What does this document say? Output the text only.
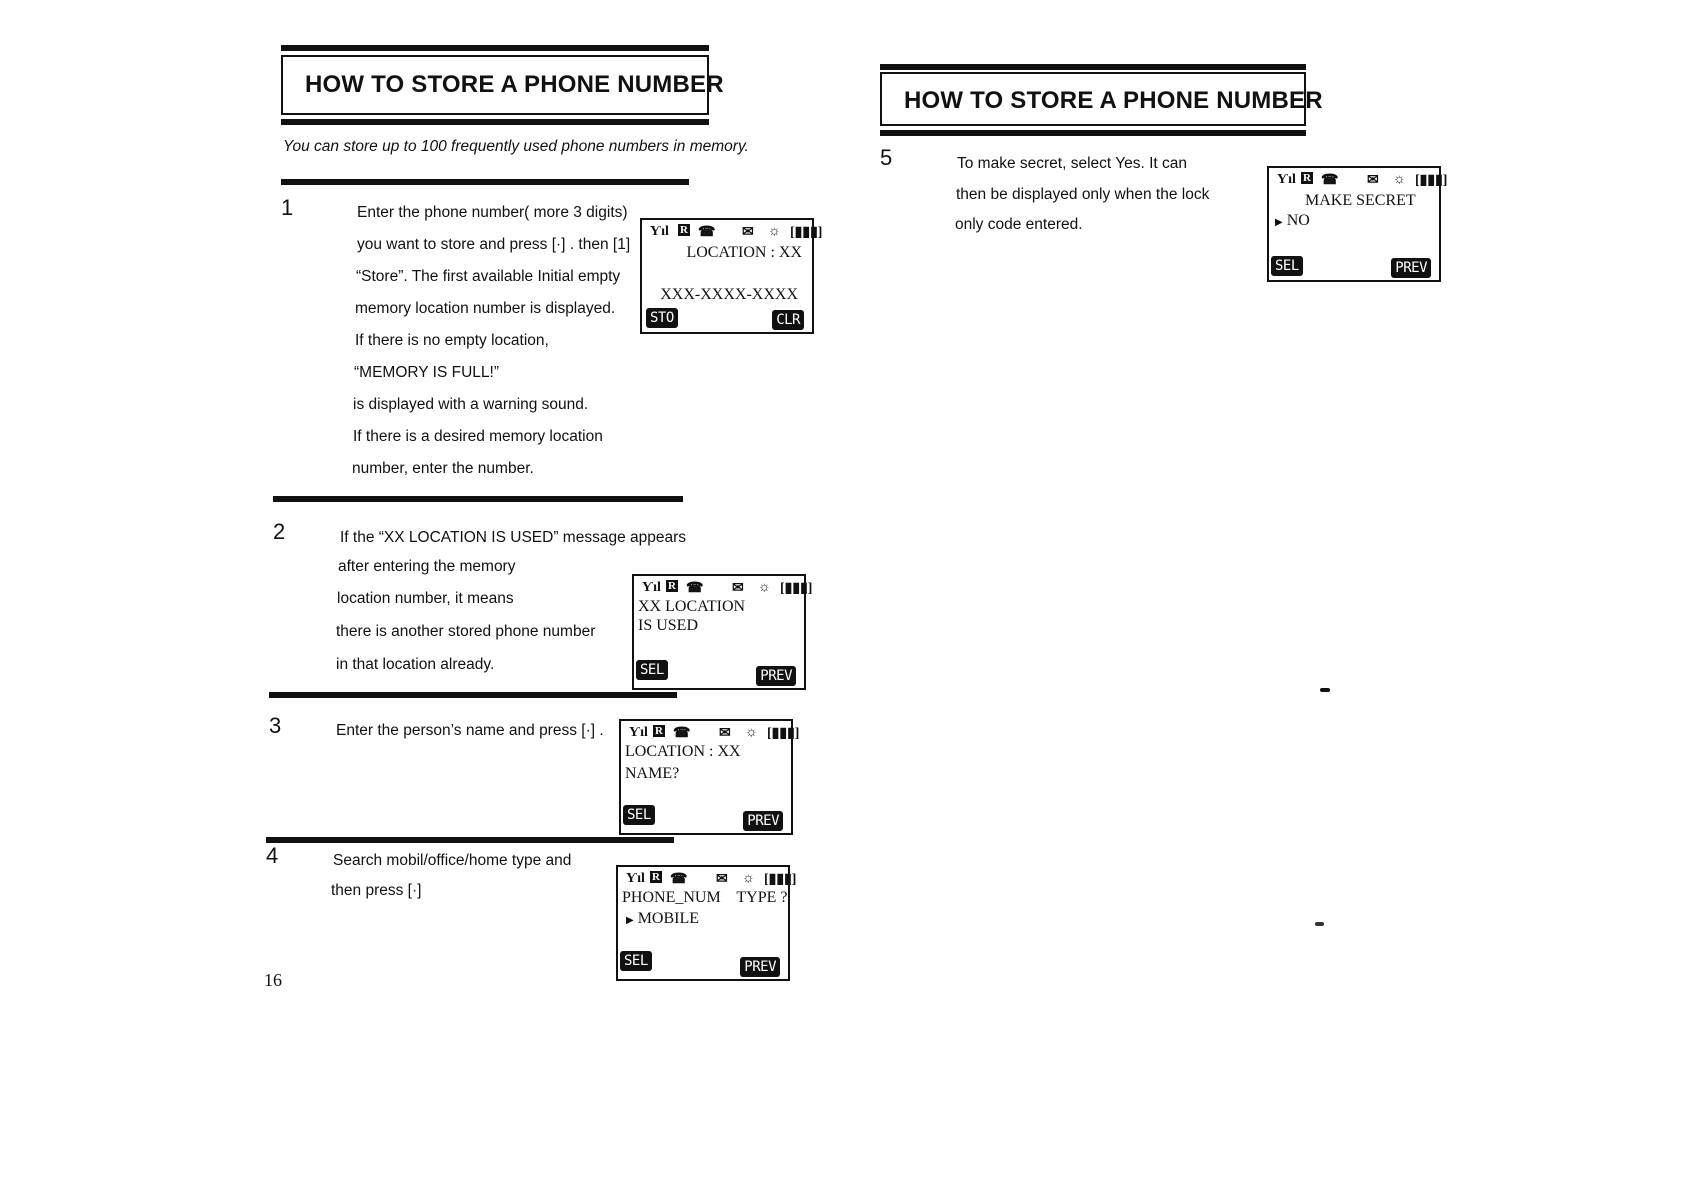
HOW TO STORE A PHONE NUMBER
You can store up to 100 frequently used phone numbers in memory.
1	Enter the phone number( more 3 digits)
you want to store and press [·] . then [1]
“Store”. The first available Initial empty
memory location number is displayed.
If there is no empty location,
“MEMORY IS FULL!”
is displayed with a warning sound.
If there is a desired memory location
number, enter the number.
Ƴıl R ☎ ✉ ☼ [▮▮▮]
LOCATION : XX
XXX-XXXX-XXXX
STO	CLR
2	If the “XX LOCATION IS USED” message appears
after entering the memory
location number, it means
there is another stored phone number
in that location already.
Ƴıl R ☎ ✉ ☼ [▮▮▮]
XX LOCATION
IS USED
SEL	PREV
3	Enter the person’s name and press [·] . Ƴıl R ☎ ✉ ☼ [▮▮▮]
LOCATION : XX
NAME?
SEL	PREV
4	Search mobil/office/home type and
then press [·]
Ƴıl R ☎ ✉ ☼ [▮▮▮]
PHONE_NUM    TYPE ?
▶ MOBILE
SEL	PREV
16
HOW TO STORE A PHONE NUMBER
5	To make secret, select Yes. It can
then be displayed only when the lock
only code entered.
Ƴıl R ☎ ✉ ☼ [▮▮▮]
MAKE SECRET
▶ NO
SEL	PREV
